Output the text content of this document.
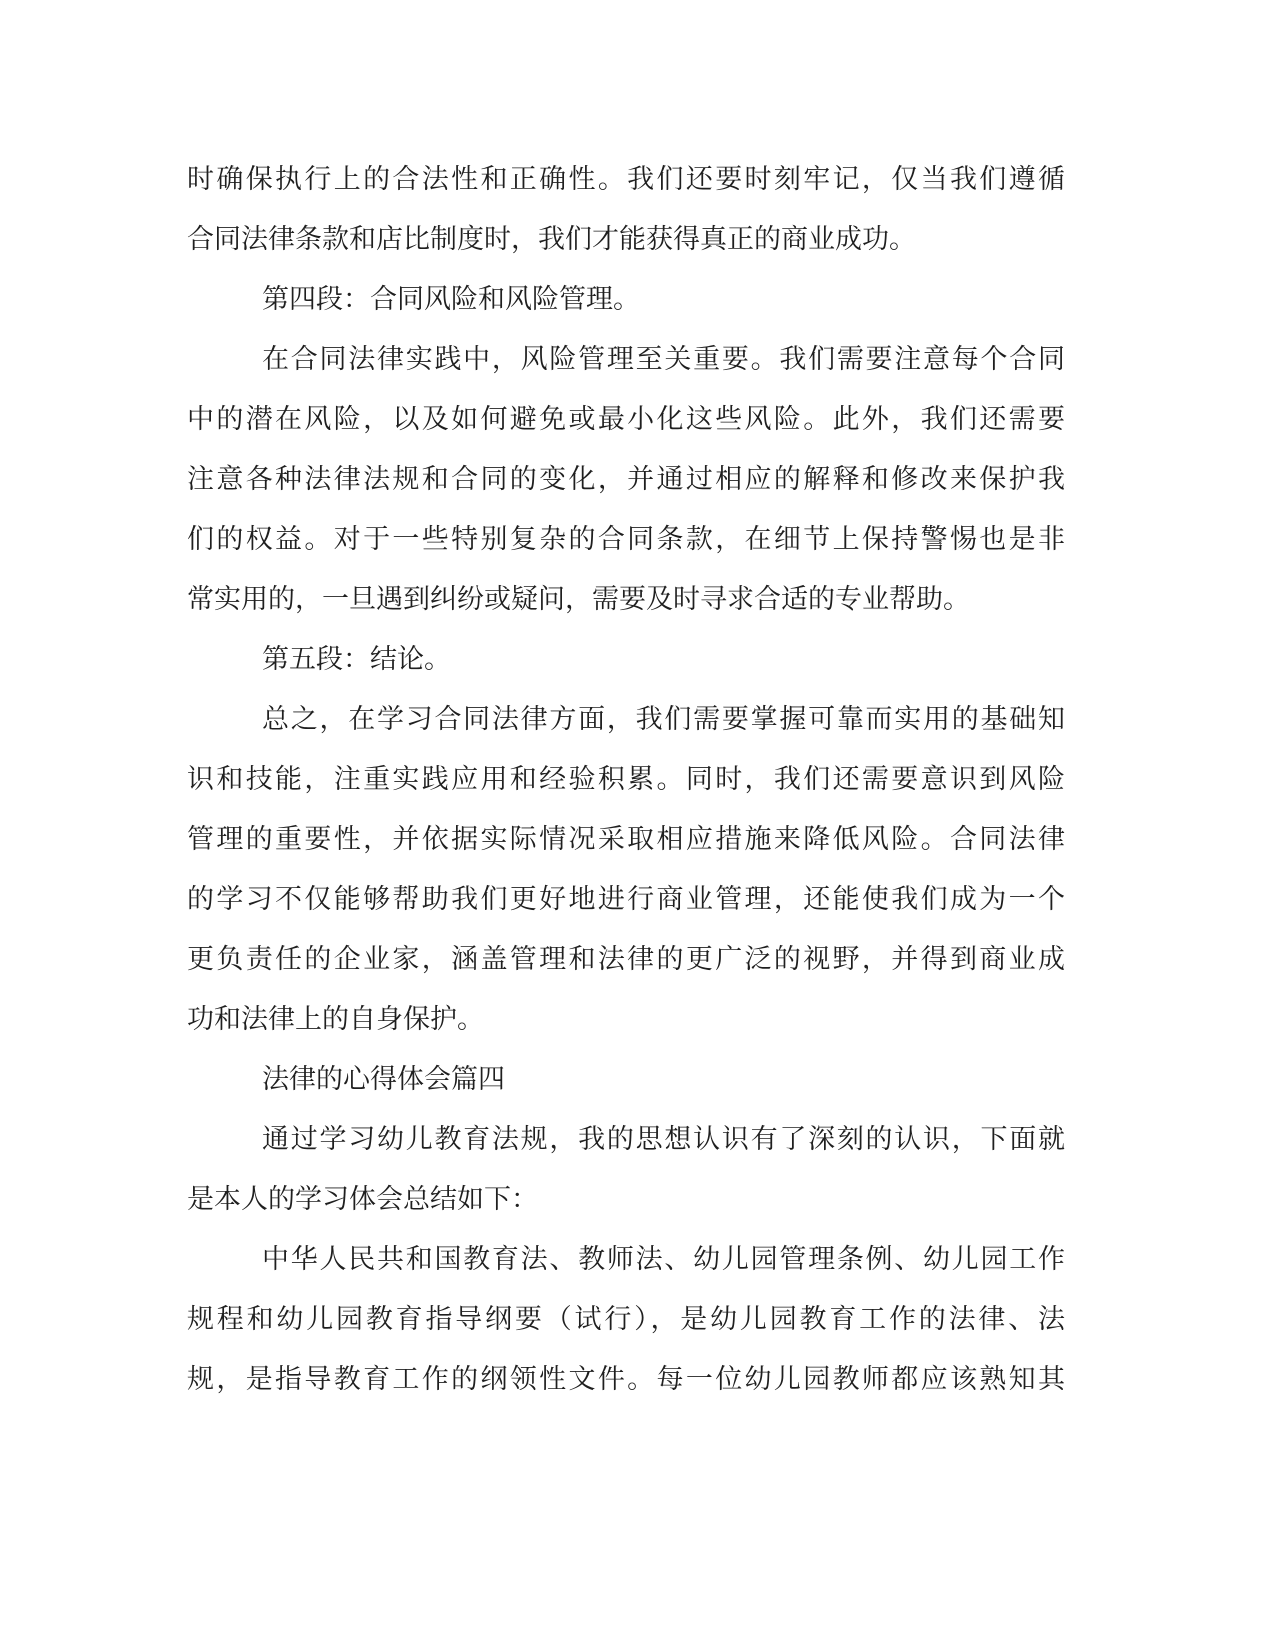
时确保执行上的合法性和正确性。我们还要时刻牢记，仅当我们遵循

合同法律条款和店比制度时，我们才能获得真正的商业成功。

第四段：合同风险和风险管理。

在合同法律实践中，风险管理至关重要。我们需要注意每个合同

中的潜在风险，以及如何避免或最小化这些风险。此外，我们还需要

注意各种法律法规和合同的变化，并通过相应的解释和修改来保护我

们的权益。对于一些特别复杂的合同条款，在细节上保持警惕也是非

常实用的，一旦遇到纠纷或疑问，需要及时寻求合适的专业帮助。

第五段：结论。

总之，在学习合同法律方面，我们需要掌握可靠而实用的基础知

识和技能，注重实践应用和经验积累。同时，我们还需要意识到风险

管理的重要性，并依据实际情况采取相应措施来降低风险。合同法律

的学习不仅能够帮助我们更好地进行商业管理，还能使我们成为一个

更负责任的企业家，涵盖管理和法律的更广泛的视野，并得到商业成

功和法律上的自身保护。

法律的心得体会篇四

通过学习幼儿教育法规，我的思想认识有了深刻的认识，下面就

是本人的学习体会总结如下：

中华人民共和国教育法、教师法、幼儿园管理条例、幼儿园工作

规程和幼儿园教育指导纲要（试行），是幼儿园教育工作的法律、法

规，是指导教育工作的纲领性文件。每一位幼儿园教师都应该熟知其
